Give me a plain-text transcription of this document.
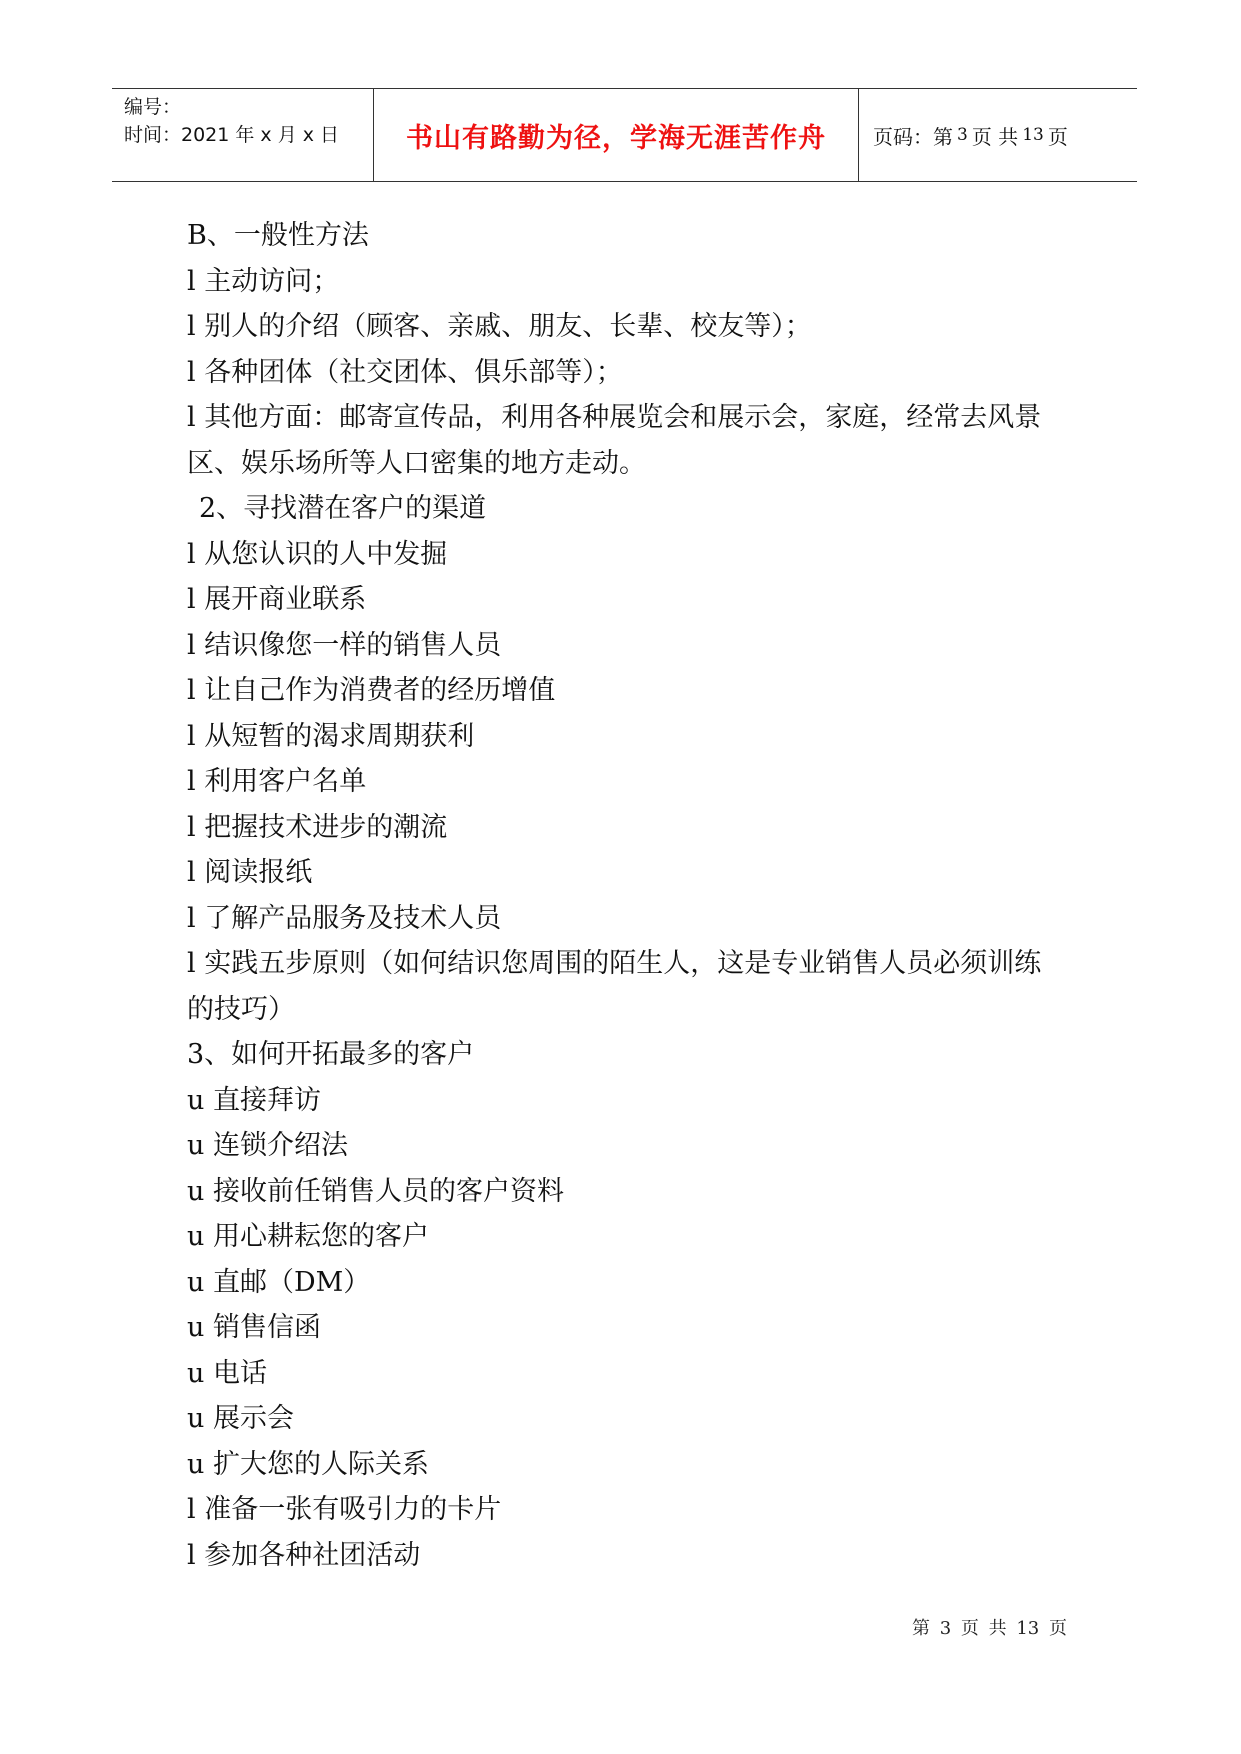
编号：
时间：2021 年 x 月 x 日	书山有路勤为径，学海无涯苦作舟 页码：第 3 页 共 13 页
B、一般性方法
l 主动访问；
l 别人的介绍（顾客、亲戚、朋友、长辈、校友等）；
l 各种团体（社交团体、俱乐部等）；
l 其他方面：邮寄宣传品，利用各种展览会和展示会，家庭，经常去风景区、娱乐场所等人口密集的地方走动。
2、寻找潜在客户的渠道
l 从您认识的人中发掘
l 展开商业联系
l 结识像您一样的销售人员
l 让自己作为消费者的经历增值
l 从短暂的渴求周期获利
l 利用客户名单
l 把握技术进步的潮流
l 阅读报纸
l 了解产品服务及技术人员
l 实践五步原则（如何结识您周围的陌生人，这是专业销售人员必须训练的技巧）
3、如何开拓最多的客户
u 直接拜访
u 连锁介绍法
u 接收前任销售人员的客户资料
u 用心耕耘您的客户
u 直邮（DM）
u 销售信函
u 电话
u 展示会
u 扩大您的人际关系
l 准备一张有吸引力的卡片
l 参加各种社团活动
第 3 页 共 13 页
